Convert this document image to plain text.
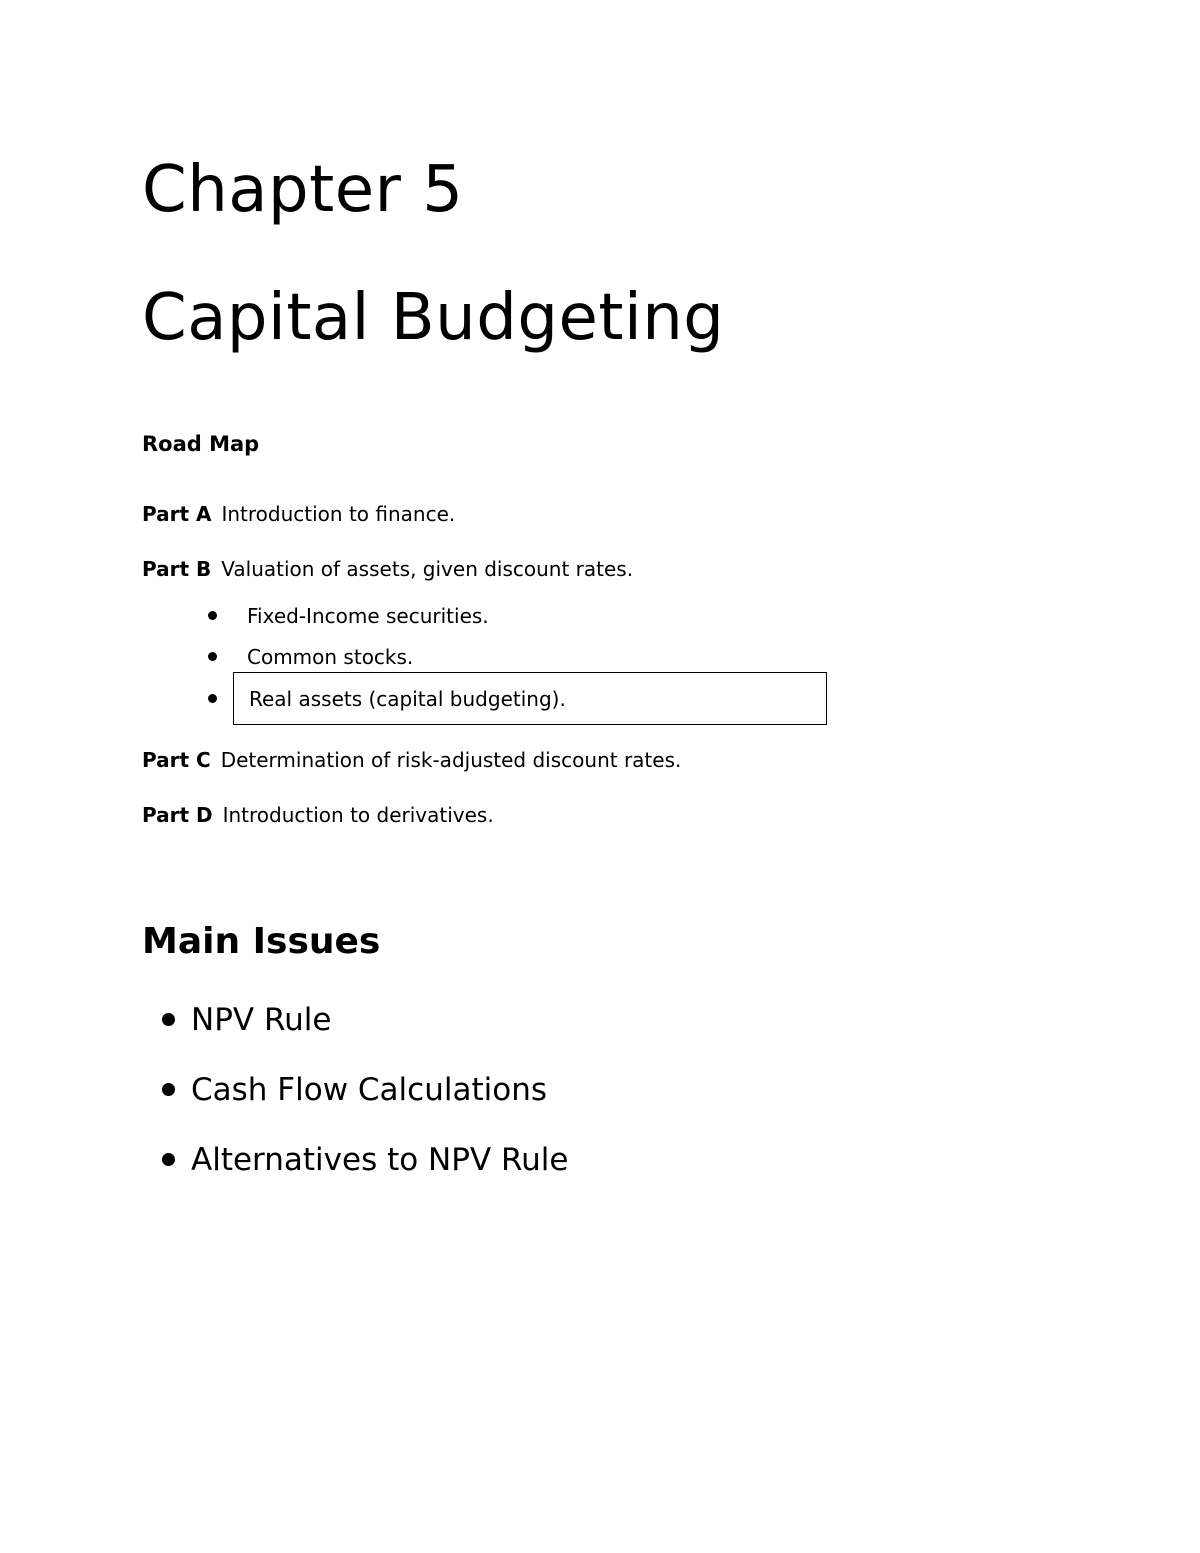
Chapter 5
Capital Budgeting
Road Map
Part A Introduction to finance.
Part B Valuation of assets, given discount rates.
Fixed-Income securities.
Common stocks.
Real assets (capital budgeting).
Part C Determination of risk-adjusted discount rates.
Part D Introduction to derivatives.
Main Issues
NPV Rule
Cash Flow Calculations
Alternatives to NPV Rule
